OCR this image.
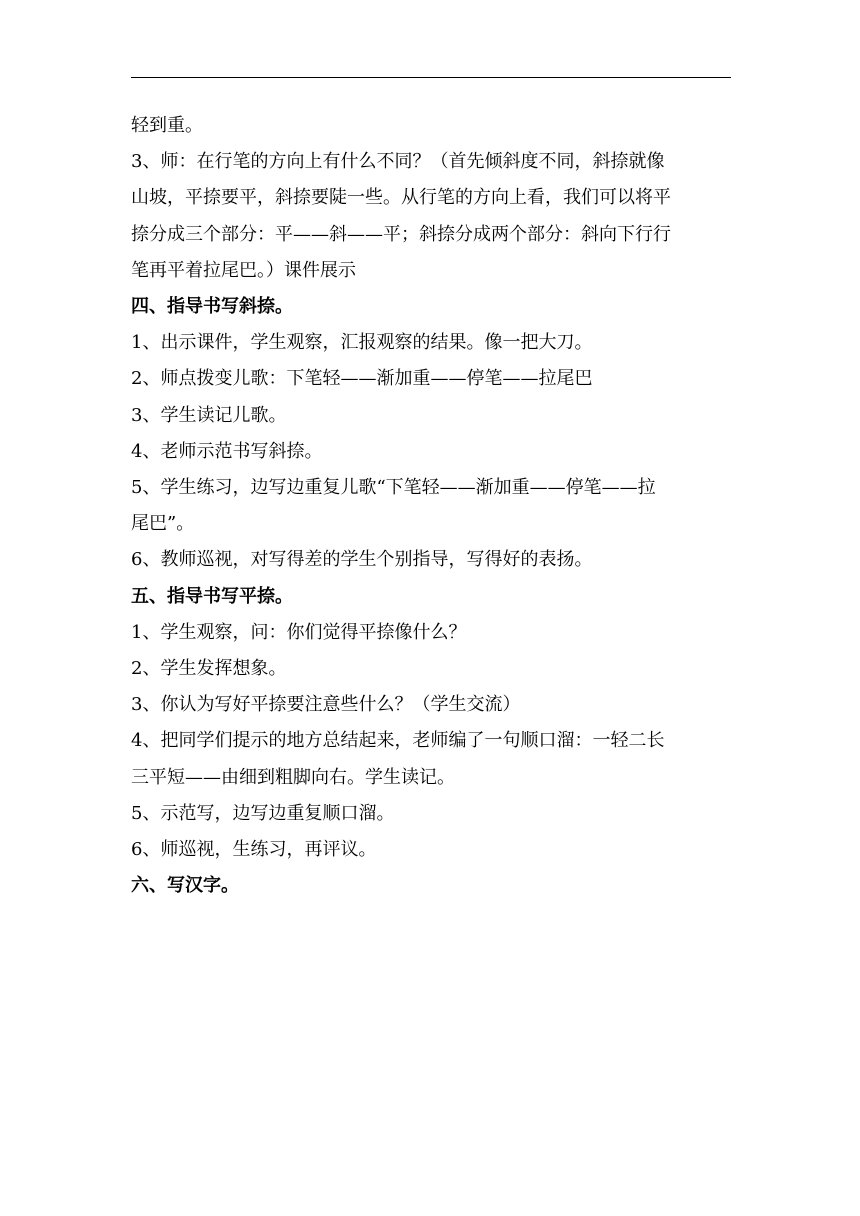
轻到重。

3、师：在行笔的方向上有什么不同？（首先倾斜度不同，斜捺就像

山坡，平捺要平，斜捺要陡一些。从行笔的方向上看，我们可以将平

捺分成三个部分：平——斜——平；斜捺分成两个部分：斜向下行行

笔再平着拉尾巴。）课件展示

四、指导书写斜捺。

1、出示课件，学生观察，汇报观察的结果。像一把大刀。

2、师点拨变儿歌：下笔轻——渐加重——停笔——拉尾巴

3、学生读记儿歌。

4、老师示范书写斜捺。

5、学生练习，边写边重复儿歌“下笔轻——渐加重——停笔——拉

尾巴”。

6、教师巡视，对写得差的学生个别指导，写得好的表扬。

五、指导书写平捺。

1、学生观察，问：你们觉得平捺像什么？

2、学生发挥想象。

3、你认为写好平捺要注意些什么？（学生交流）

4、把同学们提示的地方总结起来，老师编了一句顺口溜：一轻二长

三平短——由细到粗脚向右。学生读记。

5、示范写，边写边重复顺口溜。

6、师巡视，生练习，再评议。

六、写汉字。
